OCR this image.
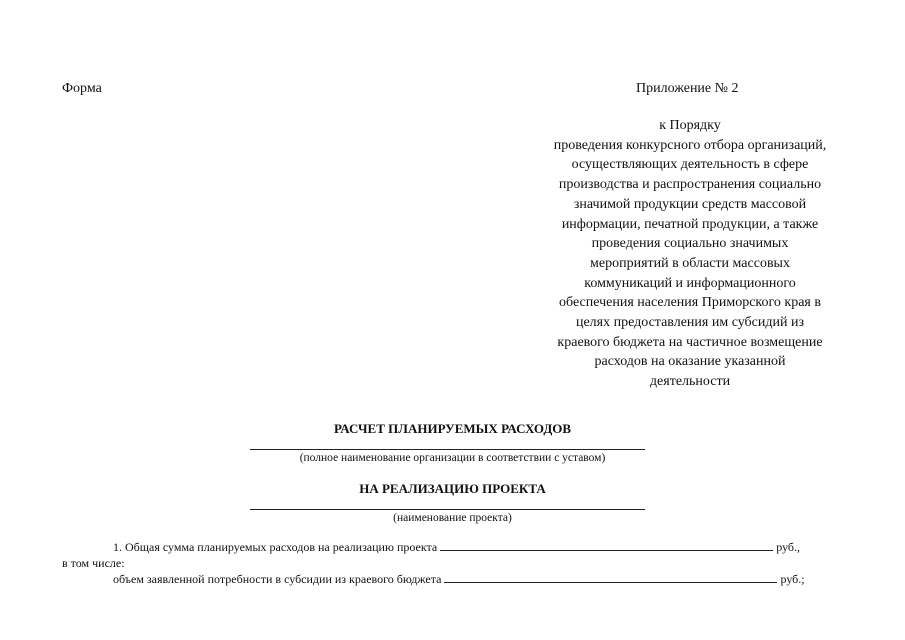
Форма	Приложение № 2
к Порядку
проведения конкурсного отбора организаций,
осуществляющих деятельность в сфере
производства и распространения социально
значимой продукции средств массовой
информации, печатной продукции, а также
проведения социально значимых
мероприятий в области массовых
коммуникаций и информационного
обеспечения населения Приморского края в
целях предоставления им субсидий из
краевого бюджета на частичное возмещение
расходов на оказание указанной
деятельности
РАСЧЕТ ПЛАНИРУЕМЫХ РАСХОДОВ
(полное наименование организации в соответствии с уставом)
НА РЕАЛИЗАЦИЮ ПРОЕКТА
(наименование проекта)
1. Общая сумма планируемых расходов на реализацию проекта	руб.,
в том числе:
объем заявленной потребности в субсидии из краевого бюджета	руб.;
